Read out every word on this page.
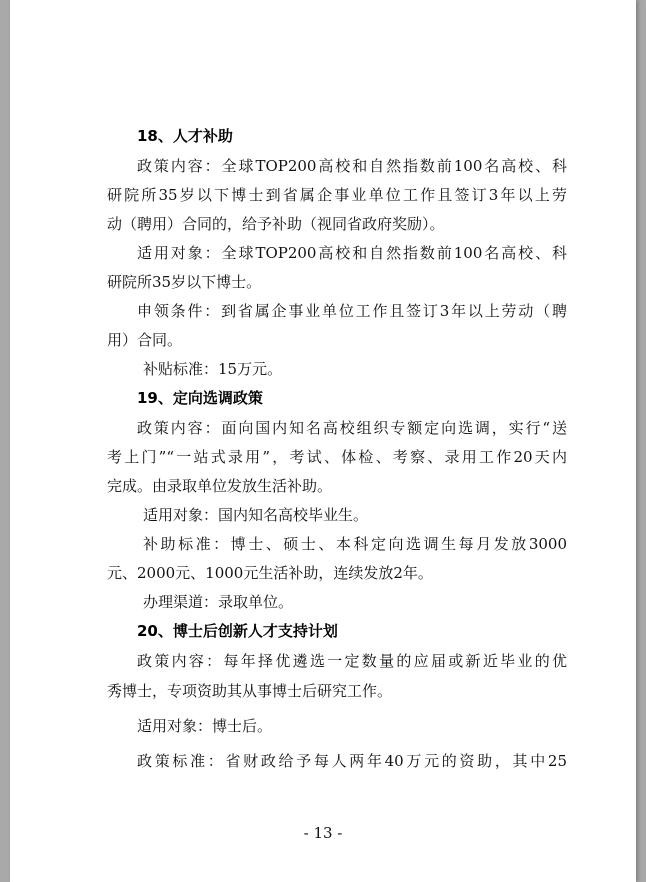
18、人才补助
政策内容：全球TOP200高校和自然指数前100名高校、科
研院所35岁以下博士到省属企事业单位工作且签订3年以上劳
动（聘用）合同的，给予补助（视同省政府奖励）。
适用对象：全球TOP200高校和自然指数前100名高校、科
研院所35岁以下博士。
申领条件：到省属企事业单位工作且签订3年以上劳动（聘
用）合同。
补贴标准：15万元。
19、定向选调政策
政策内容：面向国内知名高校组织专额定向选调，实行“送
考上门”“一站式录用”，考试、体检、考察、录用工作20天内
完成。由录取单位发放生活补助。
适用对象：国内知名高校毕业生。
补助标准：博士、硕士、本科定向选调生每月发放3000
元、2000元、1000元生活补助，连续发放2年。
办理渠道：录取单位。
20、博士后创新人才支持计划
政策内容：每年择优遴选一定数量的应届或新近毕业的优
秀博士，专项资助其从事博士后研究工作。
适用对象：博士后。
政策标准：省财政给予每人两年40万元的资助，其中25
- 13 -
